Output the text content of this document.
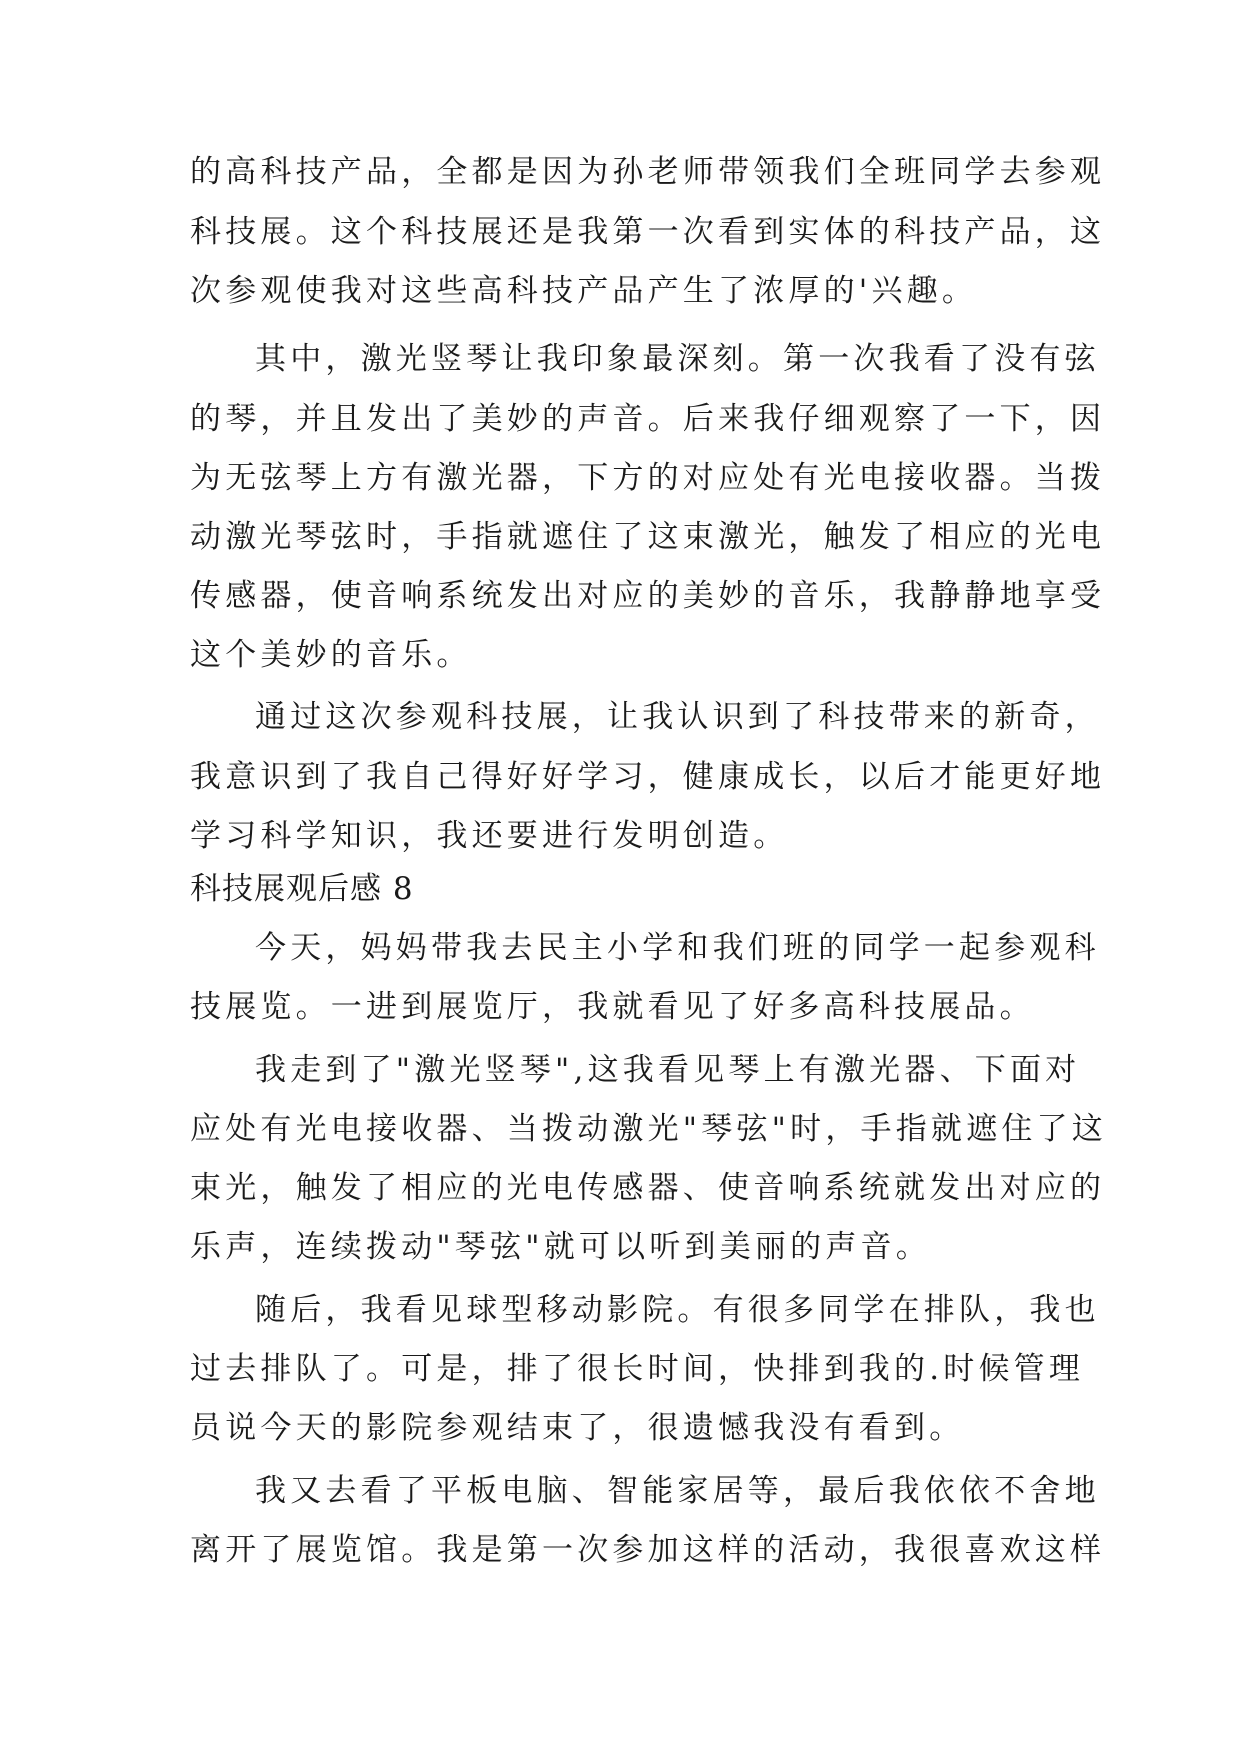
的高科技产品，全都是因为孙老师带领我们全班同学去参观
科技展。这个科技展还是我第一次看到实体的科技产品，这
次参观使我对这些高科技产品产生了浓厚的'兴趣。
其中，激光竖琴让我印象最深刻。第一次我看了没有弦
的琴，并且发出了美妙的声音。后来我仔细观察了一下，因
为无弦琴上方有激光器，下方的对应处有光电接收器。当拨
动激光琴弦时，手指就遮住了这束激光，触发了相应的光电
传感器，使音响系统发出对应的美妙的音乐，我静静地享受
这个美妙的音乐。
通过这次参观科技展，让我认识到了科技带来的新奇，
我意识到了我自己得好好学习，健康成长，以后才能更好地
学习科学知识，我还要进行发明创造。
科技展观后感 8
今天，妈妈带我去民主小学和我们班的同学一起参观科
技展览。一进到展览厅，我就看见了好多高科技展品。
我走到了"激光竖琴",这我看见琴上有激光器、下面对
应处有光电接收器、当拨动激光"琴弦"时，手指就遮住了这
束光，触发了相应的光电传感器、使音响系统就发出对应的
乐声，连续拨动"琴弦"就可以听到美丽的声音。
随后，我看见球型移动影院。有很多同学在排队，我也
过去排队了。可是，排了很长时间，快排到我的.时候管理
员说今天的影院参观结束了，很遗憾我没有看到。
我又去看了平板电脑、智能家居等，最后我依依不舍地
离开了展览馆。我是第一次参加这样的活动，我很喜欢这样
